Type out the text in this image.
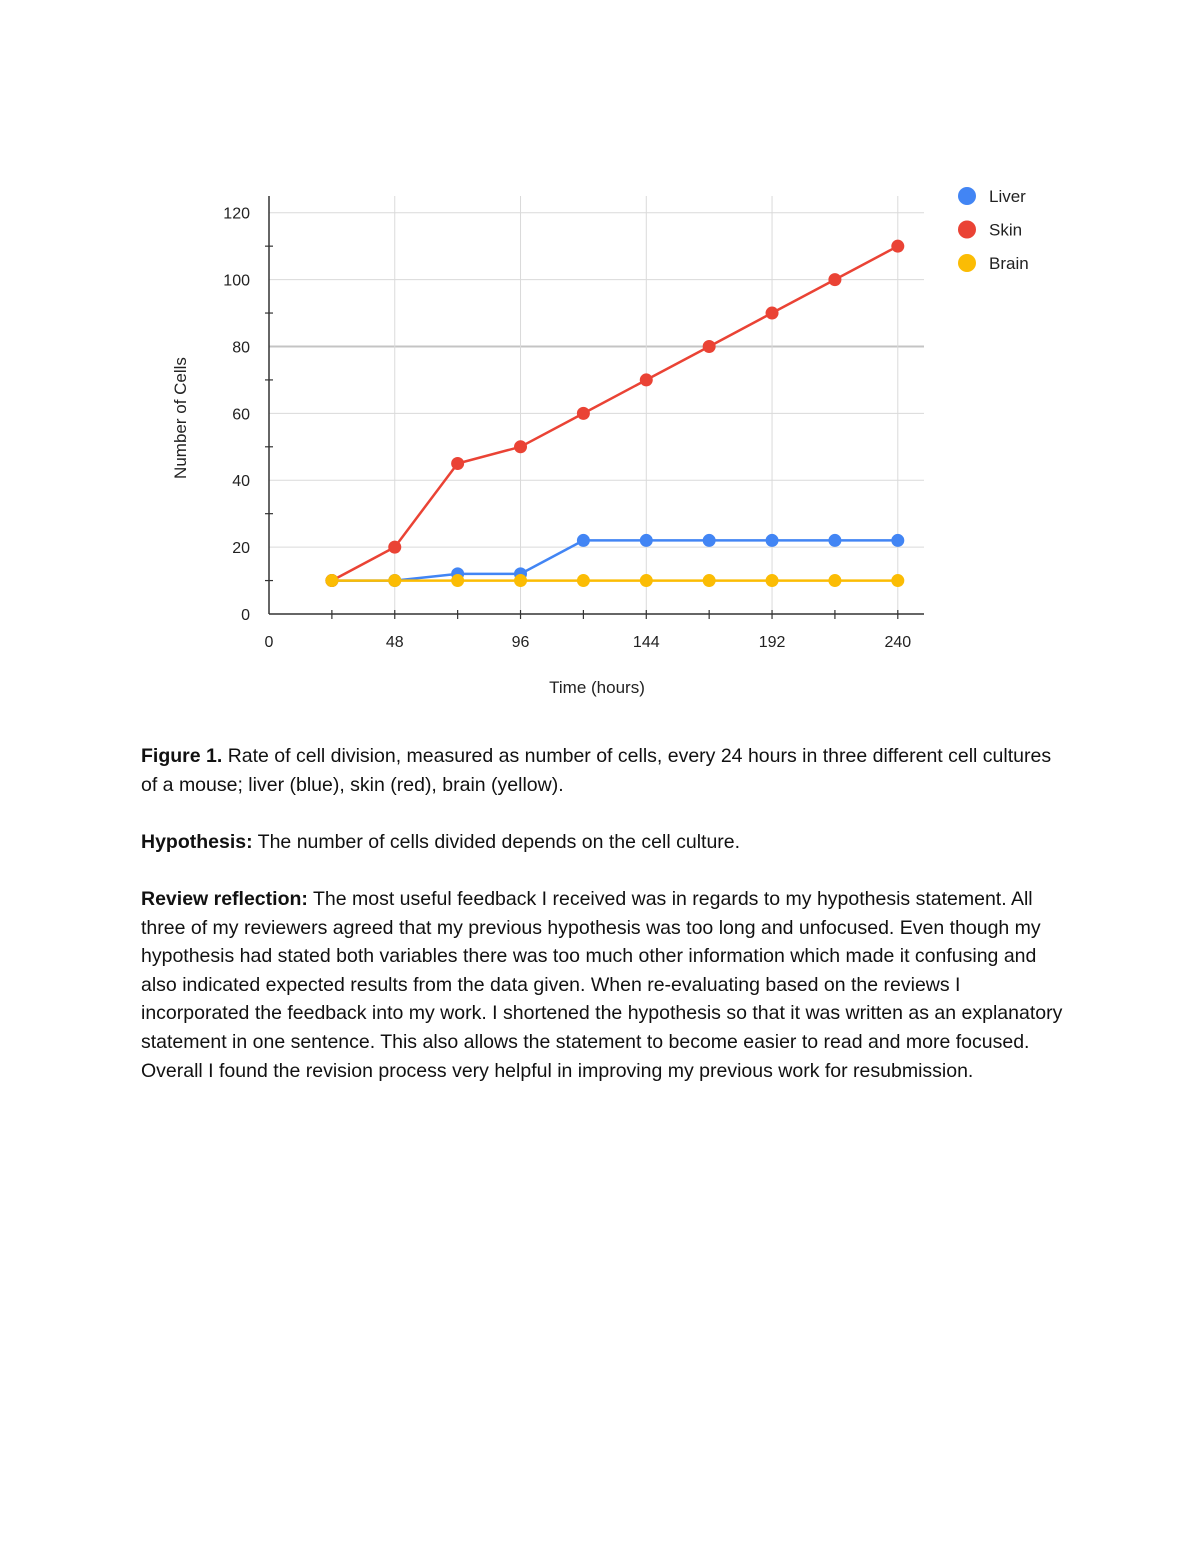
0
20
40
60
80
100
120
0	48	96	144	192	240
Liver
Skin
Brain
Time (hours)
Number of Cells

Figure 1. Rate of cell division, measured as number of cells, every 24 hours in three different cell cultures of a mouse; liver (blue), skin (red), brain (yellow).

Hypothesis: The number of cells divided depends on the cell culture.

Review reflection: The most useful feedback I received was in regards to my hypothesis statement. All three of my reviewers agreed that my previous hypothesis was too long and unfocused. Even though my hypothesis had stated both variables there was too much other information which made it confusing and also indicated expected results from the data given. When re-evaluating based on the reviews I incorporated the feedback into my work. I shortened the hypothesis so that it was written as an explanatory statement in one sentence. This also allows the statement to become easier to read and more focused. Overall I found the revision process very helpful in improving my previous work for resubmission.
